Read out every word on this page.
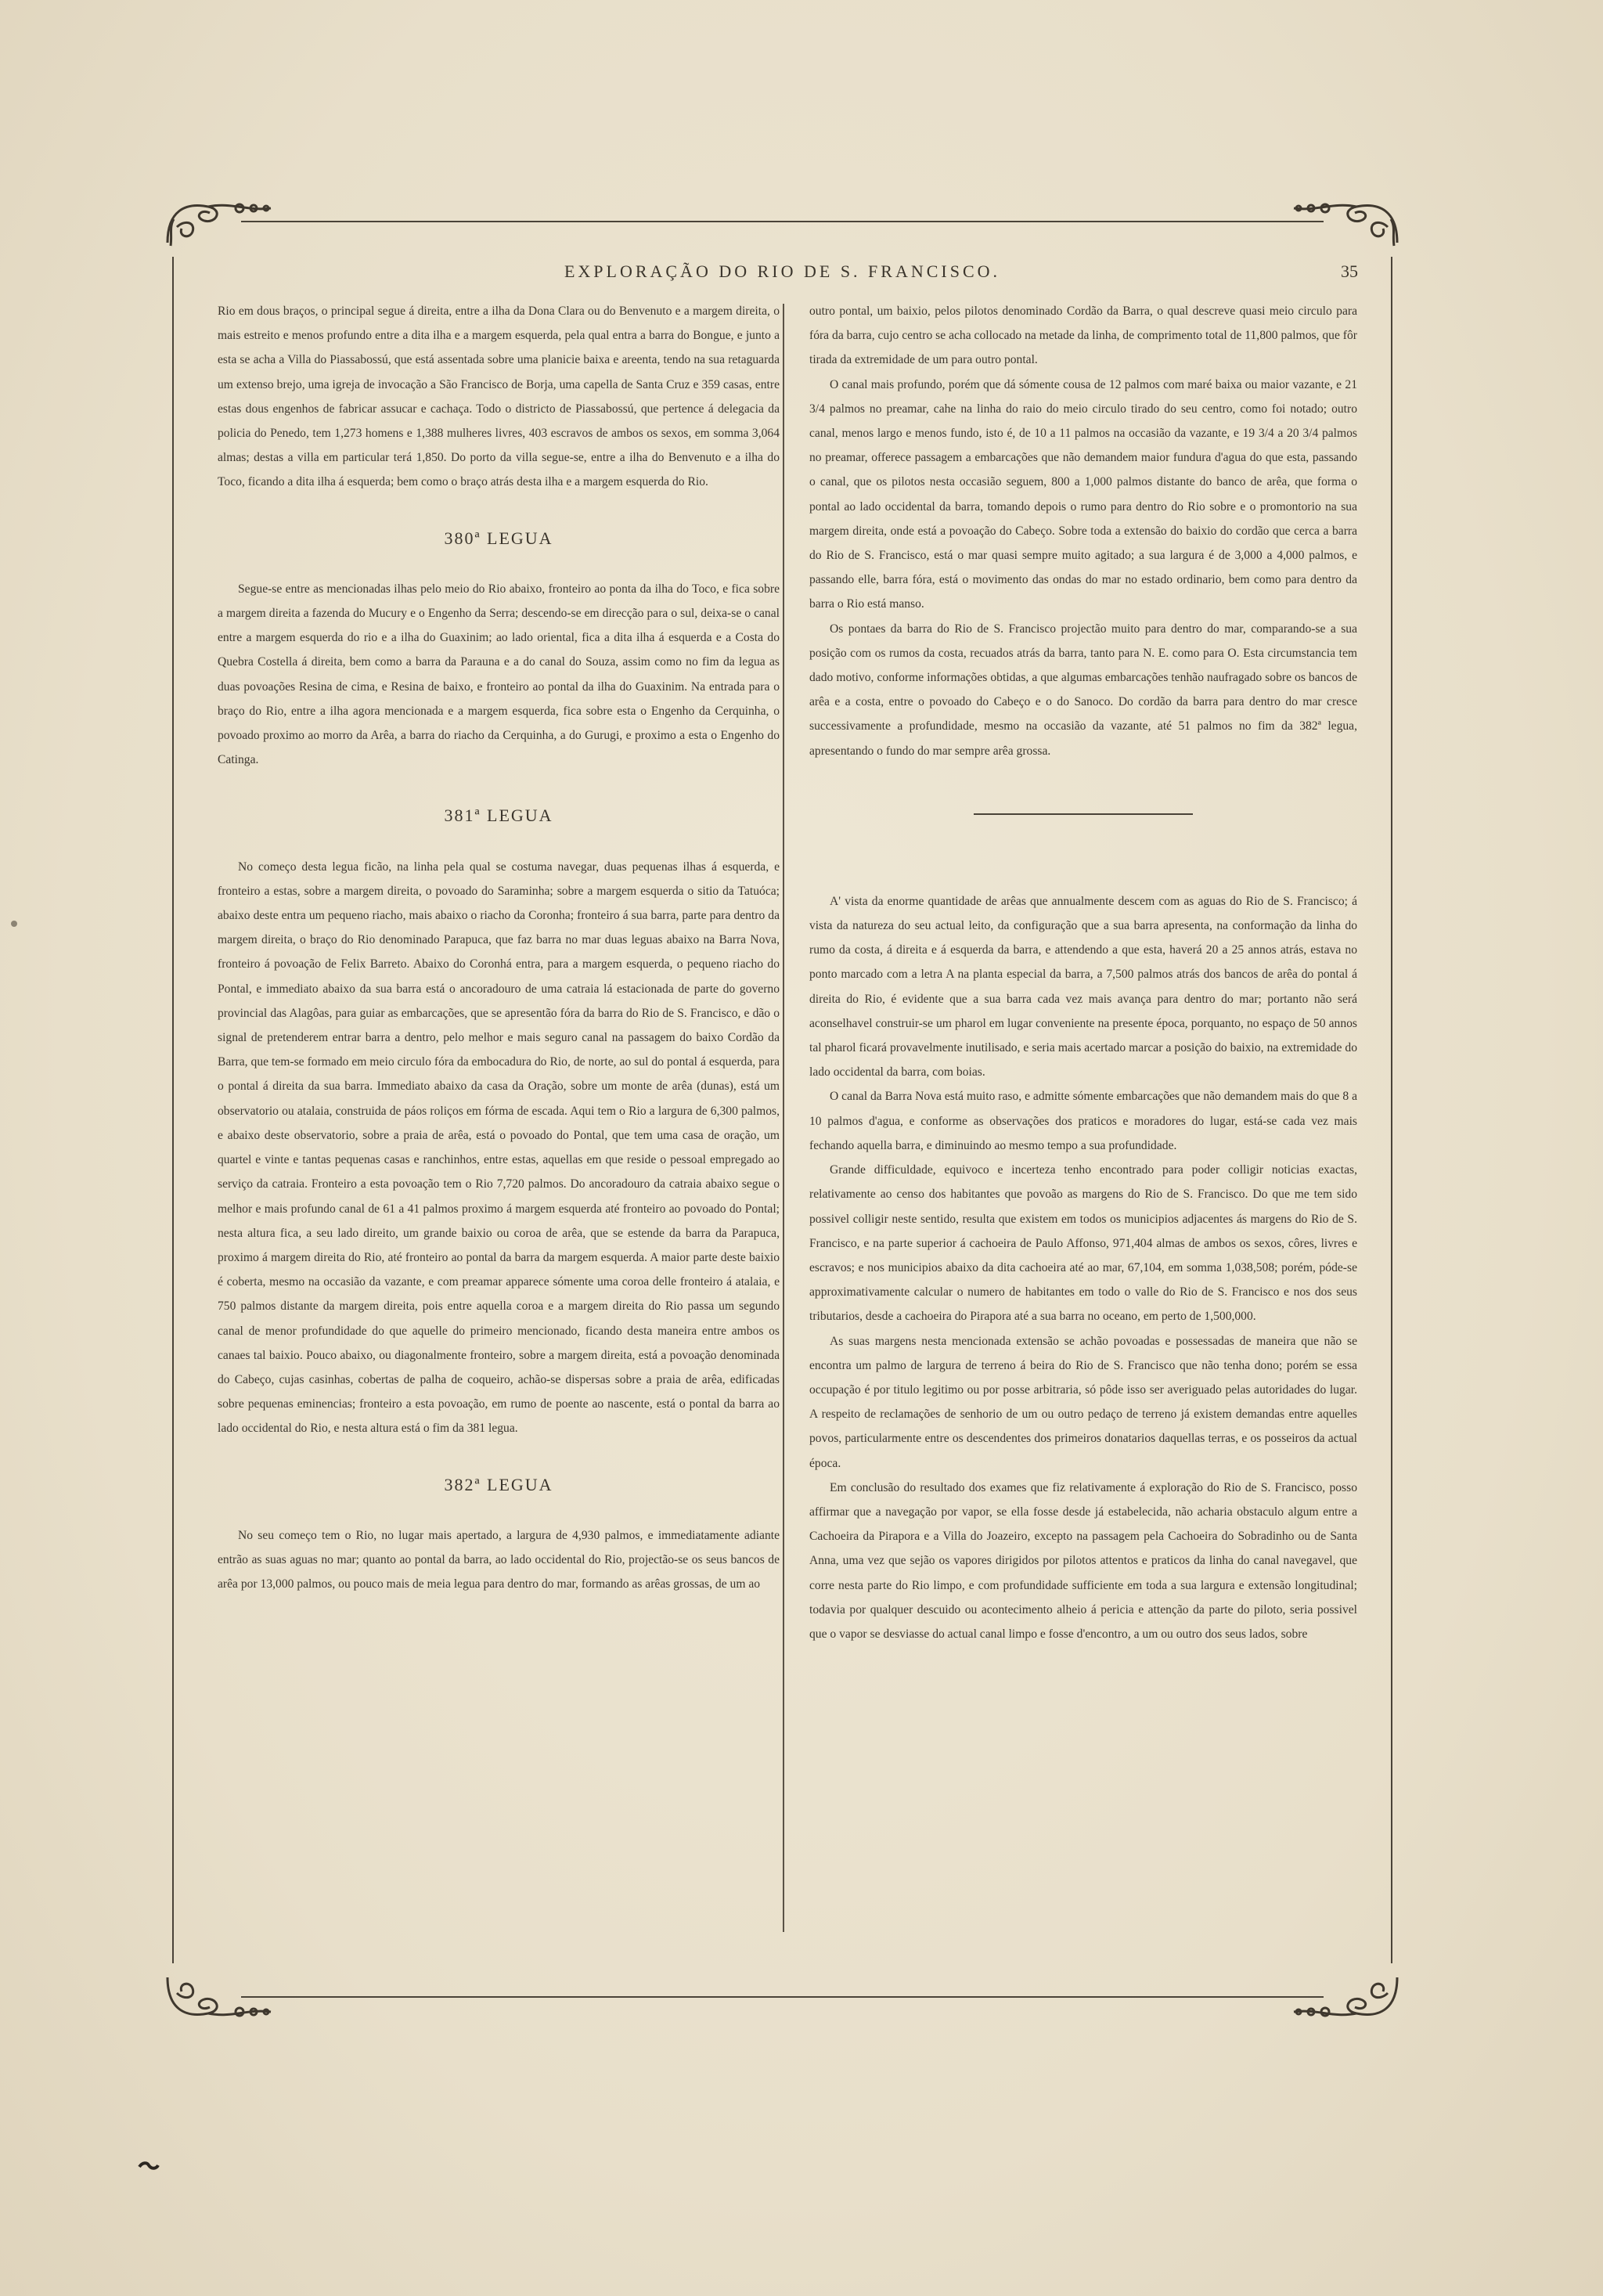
EXPLORAÇÃO DO RIO DE S. FRANCISCO.	35

Rio em dous braços, o principal segue á direita, entre a ilha da Dona Clara ou do Benvenuto e a margem direita, o mais estreito e menos profundo entre a dita ilha e a margem esquerda, pela qual entra a barra do Bongue, e junto a esta se acha a Villa do Piassabossú, que está assentada sobre uma planicie baixa e areenta, tendo na sua retaguarda um extenso brejo, uma igreja de invocação a São Francisco de Borja, uma capella de Santa Cruz e 359 casas, entre estas dous engenhos de fabricar assucar e cachaça. Todo o districto de Piassabossú, que pertence á delegacia da policia do Penedo, tem 1,273 homens e 1,388 mulheres livres, 403 escravos de ambos os sexos, em somma 3,064 almas; destas a villa em particular terá 1,850. Do porto da villa segue-se, entre a ilha do Benvenuto e a ilha do Toco, ficando a dita ilha á esquerda; bem como o braço atrás desta ilha e a margem esquerda do Rio.

380ª LEGUA

Segue-se entre as mencionadas ilhas pelo meio do Rio abaixo, fronteiro ao ponta da ilha do Toco, e fica sobre a margem direita a fazenda do Mucury e o Engenho da Serra; descendo-se em direcção para o sul, deixa-se o canal entre a margem esquerda do rio e a ilha do Guaxinim; ao lado oriental, fica a dita ilha á esquerda e a Costa do Quebra Costella á direita, bem como a barra da Parauna e a do canal do Souza, assim como no fim da legua as duas povoações Resina de cima, e Resina de baixo, e fronteiro ao pontal da ilha do Guaxinim. Na entrada para o braço do Rio, entre a ilha agora mencionada e a margem esquerda, fica sobre esta o Engenho da Cerquinha, o povoado proximo ao morro da Arêa, a barra do riacho da Cerquinha, a do Gurugi, e proximo a esta o Engenho do Catinga.

381ª LEGUA

No começo desta legua ficão, na linha pela qual se costuma navegar, duas pequenas ilhas á esquerda, e fronteiro a estas, sobre a margem direita, o povoado do Saraminha; sobre a margem esquerda o sitio da Tatuóca; abaixo deste entra um pequeno riacho, mais abaixo o riacho da Coronha; fronteiro á sua barra, parte para dentro da margem direita, o braço do Rio denominado Parapuca, que faz barra no mar duas leguas abaixo na Barra Nova, fronteiro á povoação de Felix Barreto. Abaixo do Coronhá entra, para a margem esquerda, o pequeno riacho do Pontal, e immediato abaixo da sua barra está o ancoradouro de uma catraia lá estacionada de parte do governo provincial das Alagôas, para guiar as embarcações, que se apresentão fóra da barra do Rio de S. Francisco, e dão o signal de pretenderem entrar barra a dentro, pelo melhor e mais seguro canal na passagem do baixo Cordão da Barra, que tem-se formado em meio circulo fóra da embocadura do Rio, de norte, ao sul do pontal á esquerda, para o pontal á direita da sua barra. Immediato abaixo da casa da Oração, sobre um monte de arêa (dunas), está um observatorio ou atalaia, construida de páos roliços em fórma de escada. Aqui tem o Rio a largura de 6,300 palmos, e abaixo deste observatorio, sobre a praia de arêa, está o povoado do Pontal, que tem uma casa de oração, um quartel e vinte e tantas pequenas casas e ranchinhos, entre estas, aquellas em que reside o pessoal empregado ao serviço da catraia. Fronteiro a esta povoação tem o Rio 7,720 palmos. Do ancoradouro da catraia abaixo segue o melhor e mais profundo canal de 61 a 41 palmos proximo á margem esquerda até fronteiro ao povoado do Pontal; nesta altura fica, a seu lado direito, um grande baixio ou coroa de arêa, que se estende da barra da Parapuca, proximo á margem direita do Rio, até fronteiro ao pontal da barra da margem esquerda. A maior parte deste baixio é coberta, mesmo na occasião da vazante, e com preamar apparece sómente uma coroa delle fronteiro á atalaia, e 750 palmos distante da margem direita, pois entre aquella coroa e a margem direita do Rio passa um segundo canal de menor profundidade do que aquelle do primeiro mencionado, ficando desta maneira entre ambos os canaes tal baixio. Pouco abaixo, ou diagonalmente fronteiro, sobre a margem direita, está a povoação denominada do Cabeço, cujas casinhas, cobertas de palha de coqueiro, achão-se dispersas sobre a praia de arêa, edificadas sobre pequenas eminencias; fronteiro a esta povoação, em rumo de poente ao nascente, está o pontal da barra ao lado occidental do Rio, e nesta altura está o fim da 381 legua.

382ª LEGUA

No seu começo tem o Rio, no lugar mais apertado, a largura de 4,930 palmos, e immediatamente adiante entrão as suas aguas no mar; quanto ao pontal da barra, ao lado occidental do Rio, projectão-se os seus bancos de arêa por 13,000 palmos, ou pouco mais de meia legua para dentro do mar, formando as arêas grossas, de um ao

outro pontal, um baixio, pelos pilotos denominado Cordão da Barra, o qual descreve quasi meio circulo para fóra da barra, cujo centro se acha collocado na metade da linha, de comprimento total de 11,800 palmos, que fôr tirada da extremidade de um para outro pontal.

O canal mais profundo, porém que dá sómente cousa de 12 palmos com maré baixa ou maior vazante, e 21 3/4 palmos no preamar, cahe na linha do raio do meio circulo tirado do seu centro, como foi notado; outro canal, menos largo e menos fundo, isto é, de 10 a 11 palmos na occasião da vazante, e 19 3/4 a 20 3/4 palmos no preamar, offerece passagem a embarcações que não demandem maior fundura d'agua do que esta, passando o canal, que os pilotos nesta occasião seguem, 800 a 1,000 palmos distante do banco de arêa, que forma o pontal ao lado occidental da barra, tomando depois o rumo para dentro do Rio sobre e o promontorio na sua margem direita, onde está a povoação do Cabeço. Sobre toda a extensão do baixio do cordão que cerca a barra do Rio de S. Francisco, está o mar quasi sempre muito agitado; a sua largura é de 3,000 a 4,000 palmos, e passando elle, barra fóra, está o movimento das ondas do mar no estado ordinario, bem como para dentro da barra o Rio está manso.

Os pontaes da barra do Rio de S. Francisco projectão muito para dentro do mar, comparando-se a sua posição com os rumos da costa, recuados atrás da barra, tanto para N. E. como para O. Esta circumstancia tem dado motivo, conforme informações obtidas, a que algumas embarcações tenhão naufragado sobre os bancos de arêa e a costa, entre o povoado do Cabeço e o do Sanoco. Do cordão da barra para dentro do mar cresce successivamente a profundidade, mesmo na occasião da vazante, até 51 palmos no fim da 382ª legua, apresentando o fundo do mar sempre arêa grossa.

A' vista da enorme quantidade de arêas que annualmente descem com as aguas do Rio de S. Francisco; á vista da natureza do seu actual leito, da configuração que a sua barra apresenta, na conformação da linha do rumo da costa, á direita e á esquerda da barra, e attendendo a que esta, haverá 20 a 25 annos atrás, estava no ponto marcado com a letra A na planta especial da barra, a 7,500 palmos atrás dos bancos de arêa do pontal á direita do Rio, é evidente que a sua barra cada vez mais avança para dentro do mar; portanto não será aconselhavel construir-se um pharol em lugar conveniente na presente época, porquanto, no espaço de 50 annos tal pharol ficará provavelmente inutilisado, e seria mais acertado marcar a posição do baixio, na extremidade do lado occidental da barra, com boias.

O canal da Barra Nova está muito raso, e admitte sómente embarcações que não demandem mais do que 8 a 10 palmos d'agua, e conforme as observações dos praticos e moradores do lugar, está-se cada vez mais fechando aquella barra, e diminuindo ao mesmo tempo a sua profundidade.

Grande difficuldade, equivoco e incerteza tenho encontrado para poder colligir noticias exactas, relativamente ao censo dos habitantes que povoão as margens do Rio de S. Francisco. Do que me tem sido possivel colligir neste sentido, resulta que existem em todos os municipios adjacentes ás margens do Rio de S. Francisco, e na parte superior á cachoeira de Paulo Affonso, 971,404 almas de ambos os sexos, côres, livres e escravos; e nos municipios abaixo da dita cachoeira até ao mar, 67,104, em somma 1,038,508; porém, póde-se approximativamente calcular o numero de habitantes em todo o valle do Rio de S. Francisco e nos dos seus tributarios, desde a cachoeira do Pirapora até a sua barra no oceano, em perto de 1,500,000.

As suas margens nesta mencionada extensão se achão povoadas e possessadas de maneira que não se encontra um palmo de largura de terreno á beira do Rio de S. Francisco que não tenha dono; porém se essa occupação é por titulo legitimo ou por posse arbitraria, só pôde isso ser averiguado pelas autoridades do lugar. A respeito de reclamações de senhorio de um ou outro pedaço de terreno já existem demandas entre aquelles povos, particularmente entre os descendentes dos primeiros donatarios daquellas terras, e os posseiros da actual época.

Em conclusão do resultado dos exames que fiz relativamente á exploração do Rio de S. Francisco, posso affirmar que a navegação por vapor, se ella fosse desde já estabelecida, não acharia obstaculo algum entre a Cachoeira da Pirapora e a Villa do Joazeiro, excepto na passagem pela Cachoeira do Sobradinho ou de Santa Anna, uma vez que sejão os vapores dirigidos por pilotos attentos e praticos da linha do canal navegavel, que corre nesta parte do Rio limpo, e com profundidade sufficiente em toda a sua largura e extensão longitudinal; todavia por qualquer descuido ou acontecimento alheio á pericia e attenção da parte do piloto, seria possivel que o vapor se desviasse do actual canal limpo e fosse d'encontro, a um ou outro dos seus lados, sobre
